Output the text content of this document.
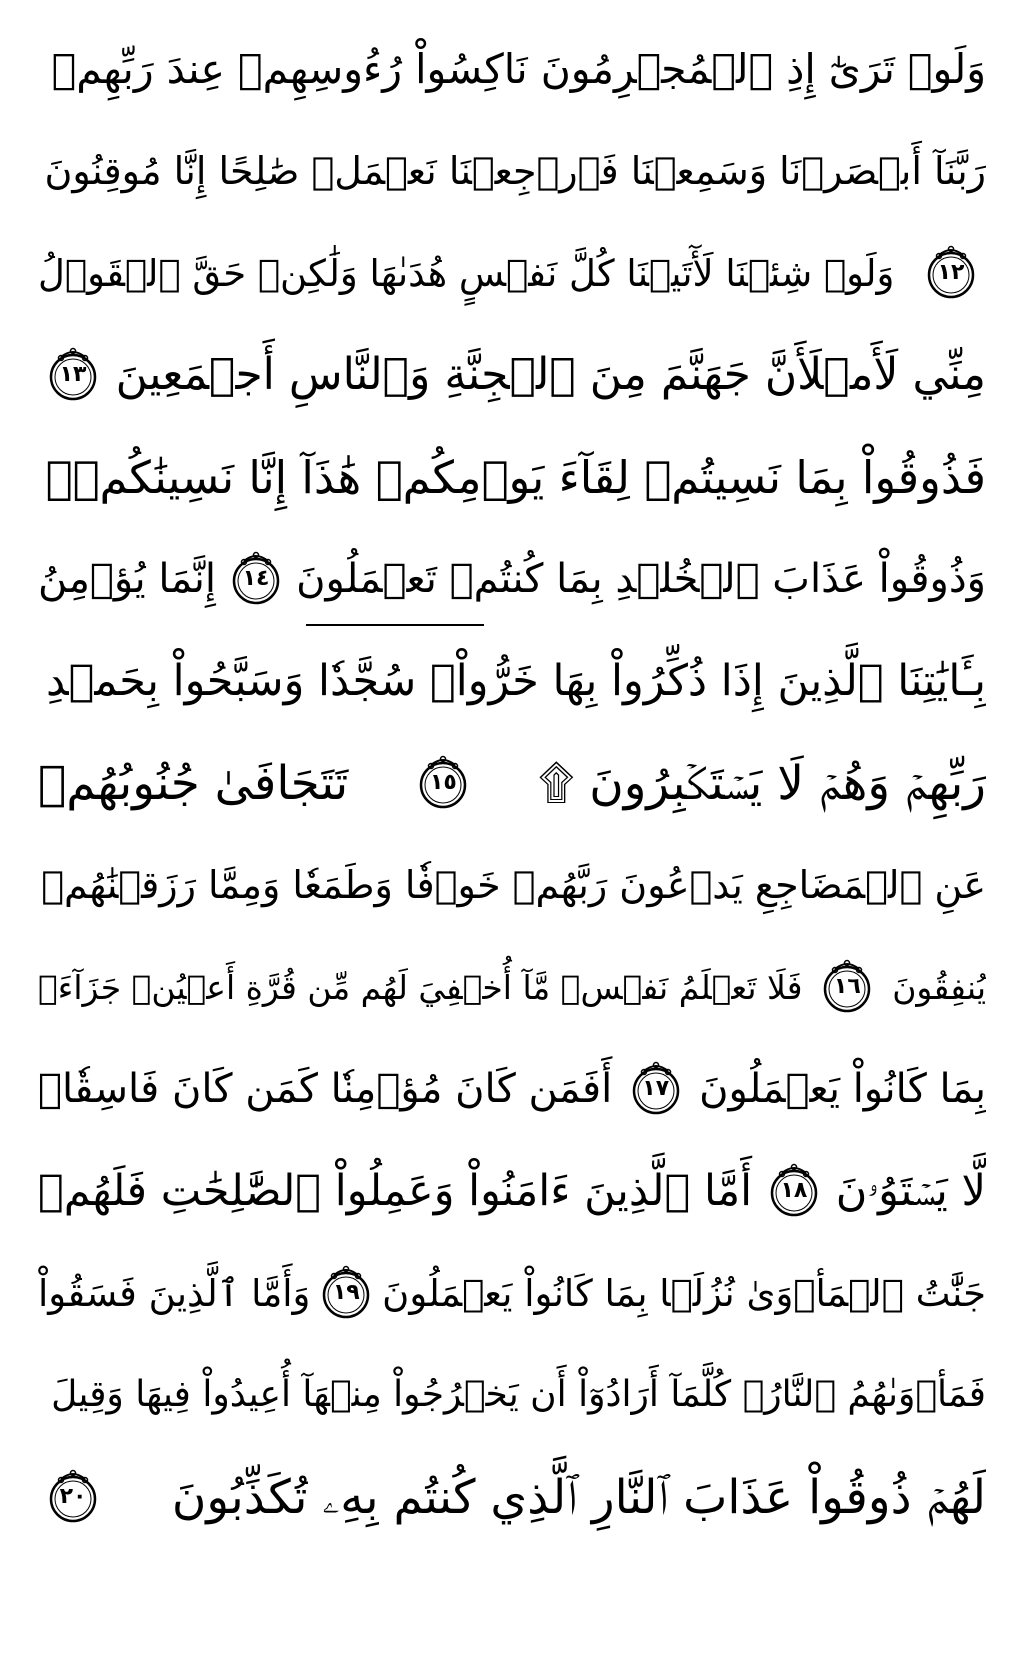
وَلَوۡ تَرَىٰٓ إِذِ ٱلۡمُجۡرِمُونَ نَاكِسُواْ رُءُوسِهِمۡ عِندَ رَبِّهِمۡ
رَبَّنَآ أَبۡصَرۡنَا وَسَمِعۡنَا فَٱرۡجِعۡنَا نَعۡمَلۡ صَٰلِحًا إِنَّا مُوقِنُونَ
١٢
وَلَوۡ شِئۡنَا لَأٓتَيۡنَا كُلَّ نَفۡسٍ هُدَىٰهَا وَلَٰكِنۡ حَقَّ ٱلۡقَوۡلُ
مِنِّي لَأَمۡلَأَنَّ جَهَنَّمَ مِنَ ٱلۡجِنَّةِ وَٱلنَّاسِ أَجۡمَعِينَ
١٣
فَذُوقُواْ بِمَا نَسِيتُمۡ لِقَآءَ يَوۡمِكُمۡ هَٰذَآ إِنَّا نَسِينَٰكُمۡۖ
وَذُوقُواْ عَذَابَ ٱلۡخُلۡدِ بِمَا كُنتُمۡ تَعۡمَلُونَ
١٤
إِنَّمَا يُؤۡمِنُ
بِـَٔايَٰتِنَا ٱلَّذِينَ إِذَا ذُكِّرُواْ بِهَا خَرُّواْۤ سُجَّدٗا وَسَبَّحُواْ بِحَمۡدِ
رَبِّهِمۡ وَهُمۡ لَا يَسۡتَكۡبِرُونَ ۩
١٥
تَتَجَافَىٰ جُنُوبُهُمۡ
عَنِ ٱلۡمَضَاجِعِ يَدۡعُونَ رَبَّهُمۡ خَوۡفٗا وَطَمَعٗا وَمِمَّا رَزَقۡنَٰهُمۡ
يُنفِقُونَ
١٦
فَلَا تَعۡلَمُ نَفۡسٞ مَّآ أُخۡفِيَ لَهُم مِّن قُرَّةِ أَعۡيُنٖ جَزَآءَۢ
بِمَا كَانُواْ يَعۡمَلُونَ
١٧
أَفَمَن كَانَ مُؤۡمِنٗا كَمَن كَانَ فَاسِقٗاۚ
لَّا يَسۡتَوُۥنَ
١٨
أَمَّا ٱلَّذِينَ ءَامَنُواْ وَعَمِلُواْ ٱلصَّٰلِحَٰتِ فَلَهُمۡ
جَنَّٰتُ ٱلۡمَأۡوَىٰ نُزُلَۢا بِمَا كَانُواْ يَعۡمَلُونَ
١٩
وَأَمَّا ٱلَّذِينَ فَسَقُواْ
فَمَأۡوَىٰهُمُ ٱلنَّارُۖ كُلَّمَآ أَرَادُوٓاْ أَن يَخۡرُجُواْ مِنۡهَآ أُعِيدُواْ فِيهَا وَقِيلَ
لَهُمۡ ذُوقُواْ عَذَابَ ٱلنَّارِ ٱلَّذِي كُنتُم بِهِۦ تُكَذِّبُونَ
٢٠
